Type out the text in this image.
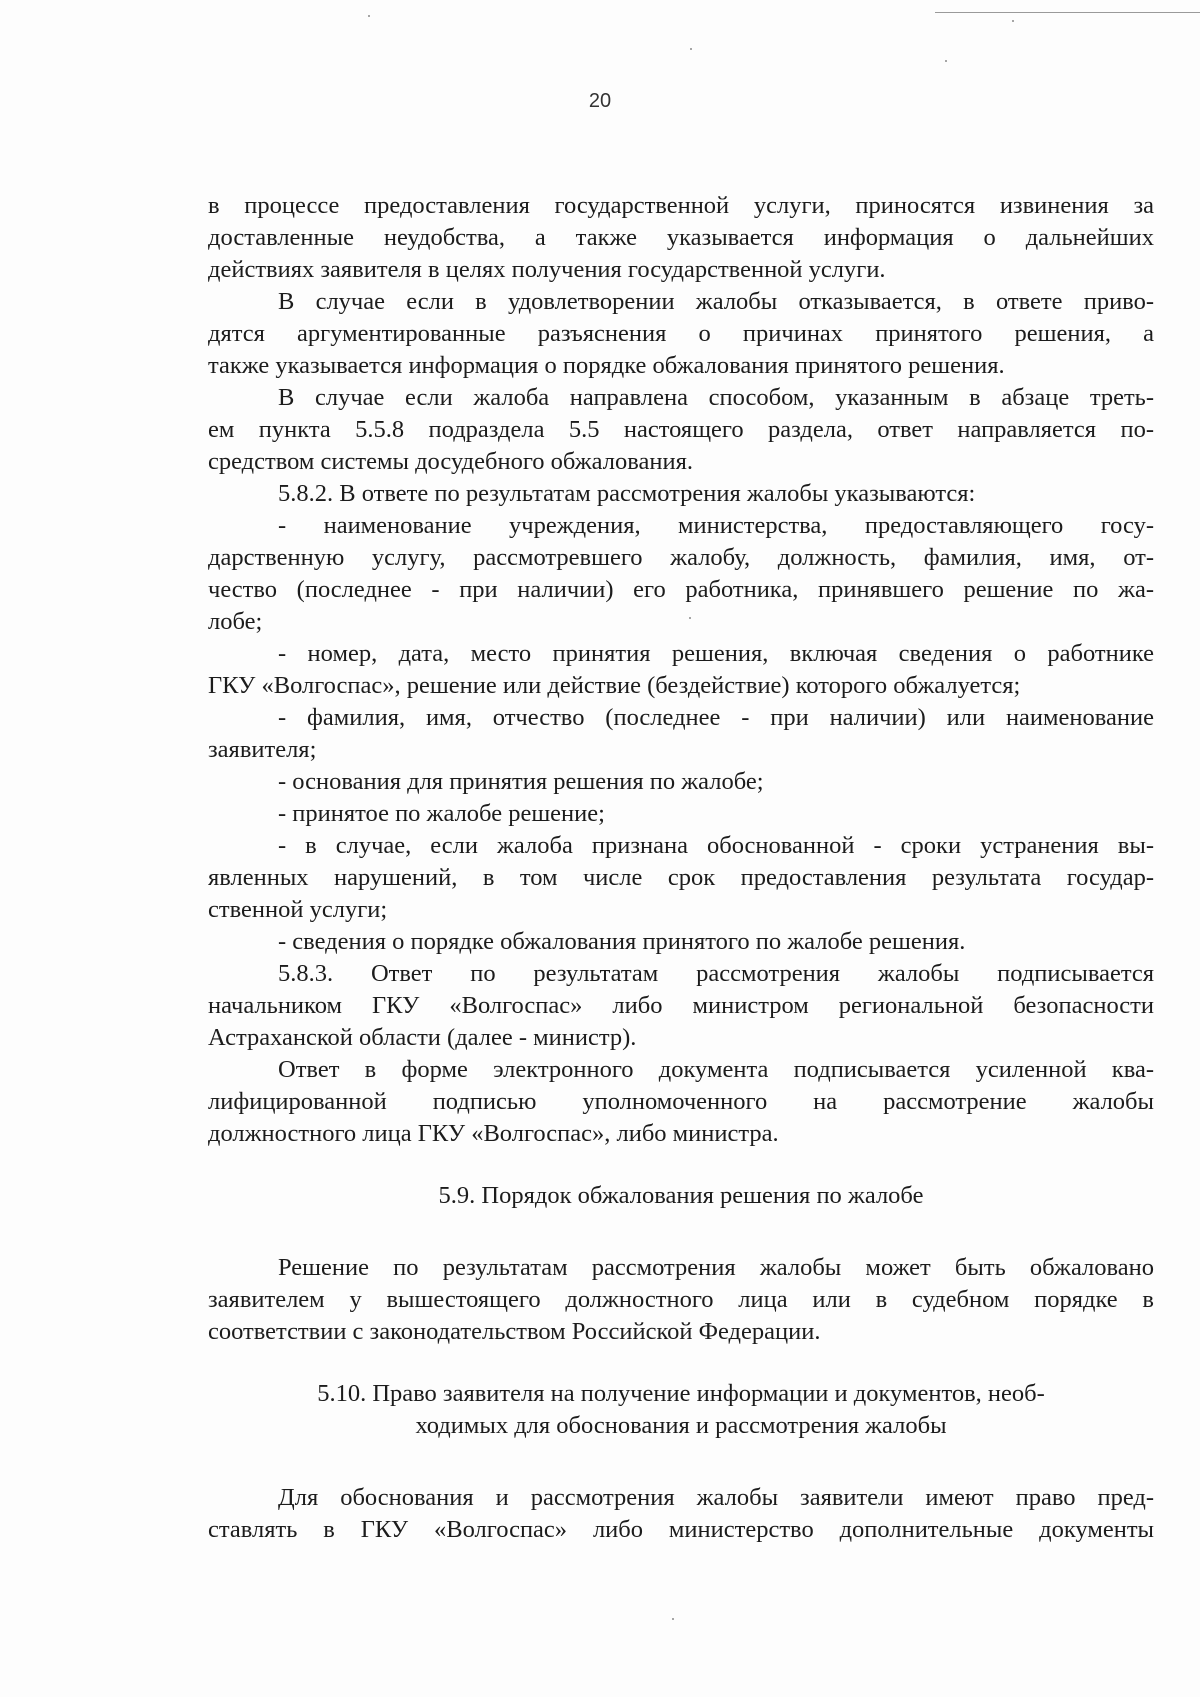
20
в процессе предоставления государственной услуги, приносятся извинения за
доставленные неудобства, а также указывается информация о дальнейших
действиях заявителя в целях получения государственной услуги.
В случае если в удовлетворении жалобы отказывается, в ответе приво-
дятся аргументированные разъяснения о причинах принятого решения, а
также указывается информация о порядке обжалования принятого решения.
В случае если жалоба направлена способом, указанным в абзаце треть-
ем пункта 5.5.8 подраздела 5.5 настоящего раздела, ответ направляется по-
средством системы досудебного обжалования.
5.8.2. В ответе по результатам рассмотрения жалобы указываются:
- наименование учреждения, министерства, предоставляющего госу-
дарственную услугу, рассмотревшего жалобу, должность, фамилия, имя, от-
чество (последнее - при наличии) его работника, принявшего решение по жа-
лобе;
- номер, дата, место принятия решения, включая сведения о работнике
ГКУ «Волгоспас», решение или действие (бездействие) которого обжалуется;
- фамилия, имя, отчество (последнее - при наличии) или наименование
заявителя;
- основания для принятия решения по жалобе;
- принятое по жалобе решение;
- в случае, если жалоба признана обоснованной - сроки устранения вы-
явленных нарушений, в том числе срок предоставления результата государ-
ственной услуги;
- сведения о порядке обжалования принятого по жалобе решения.
5.8.3. Ответ по результатам рассмотрения жалобы подписывается
начальником ГКУ «Волгоспас» либо министром региональной безопасности
Астраханской области (далее - министр).
Ответ в форме электронного документа подписывается усиленной ква-
лифицированной подписью уполномоченного на рассмотрение жалобы
должностного лица ГКУ «Волгоспас», либо министра.
5.9. Порядок обжалования решения по жалобе
Решение по результатам рассмотрения жалобы может быть обжаловано
заявителем у вышестоящего должностного лица или в судебном порядке в
соответствии с законодательством Российской Федерации.
5.10. Право заявителя на получение информации и документов, необ-
ходимых для обоснования и рассмотрения жалобы
Для обоснования и рассмотрения жалобы заявители имеют право пред-
ставлять в ГКУ «Волгоспас» либо министерство дополнительные документы
